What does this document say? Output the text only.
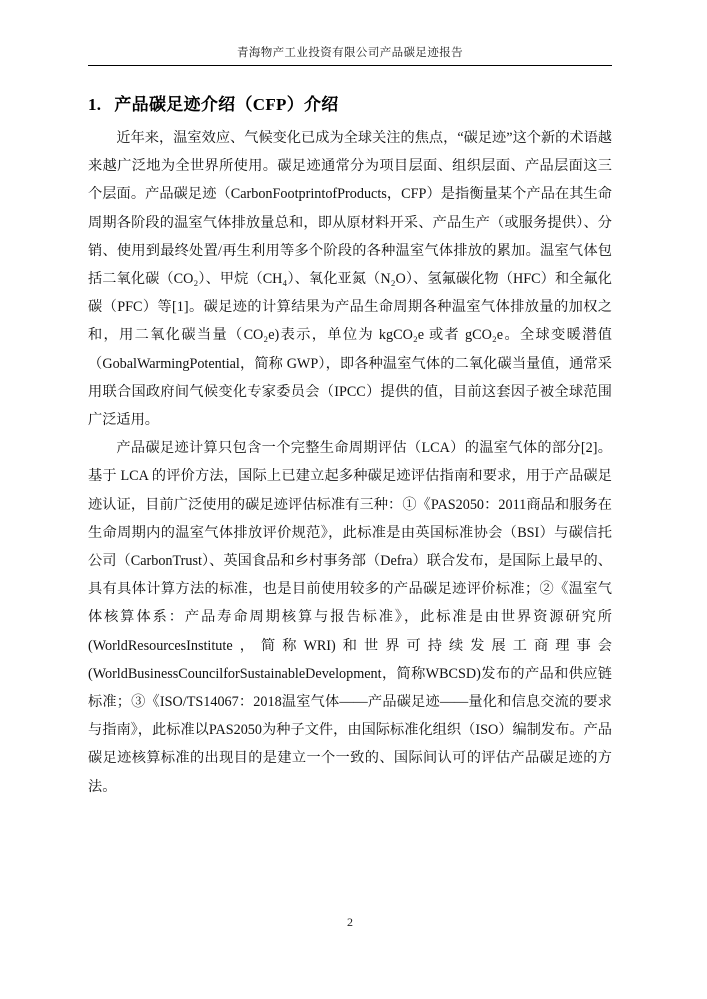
青海物产工业投资有限公司产品碳足迹报告
1. 产品碳足迹介绍（CFP）介绍

近年来，温室效应、气候变化已成为全球关注的焦点，“碳足迹”这个新的术语越来越广泛地为全世界所使用。碳足迹通常分为项目层面、组织层面、产品层面这三个层面。产品碳足迹（CarbonFootprintofProducts，CFP）是指衡量某个产品在其生命周期各阶段的温室气体排放量总和，即从原材料开采、产品生产（或服务提供）、分销、使用到最终处置/再生利用等多个阶段的各种温室气体排放的累加。温室气体包括二氧化碳（CO₂）、甲烷（CH₄）、氧化亚氮（N₂O）、氢氟碳化物（HFC）和全氟化碳（PFC）等[1]。碳足迹的计算结果为产品生命周期各种温室气体排放量的加权之和，用二氧化碳当量（CO₂e)表示，单位为 kgCO₂e 或者 gCO₂e。全球变暖潜值（GobalWarmingPotential，简称 GWP），即各种温室气体的二氧化碳当量值，通常采用联合国政府间气候变化专家委员会（IPCC）提供的值，目前这套因子被全球范围广泛适用。

产品碳足迹计算只包含一个完整生命周期评估（LCA）的温室气体的部分[2]。基于 LCA 的评价方法，国际上已建立起多种碳足迹评估指南和要求，用于产品碳足迹认证，目前广泛使用的碳足迹评估标准有三种：①《PAS2050：2011商品和服务在生命周期内的温室气体排放评价规范》，此标准是由英国标准协会（BSI）与碳信托公司（CarbonTrust）、英国食品和乡村事务部（Defra）联合发布，是国际上最早的、具有具体计算方法的标准，也是目前使用较多的产品碳足迹评价标准；②《温室气体核算体系：产品寿命周期核算与报告标准》，此标准是由世界资源研究所(WorldResourcesInstitute，简称WRI)和世界可持续发展工商理事会(WorldBusinessCouncilforSustainableDevelopment，简称WBCSD)发布的产品和供应链标准；③《ISO/TS14067：2018温室气体——产品碳足迹——量化和信息交流的要求与指南》，此标准以PAS2050为种子文件，由国际标准化组织（ISO）编制发布。产品碳足迹核算标准的出现目的是建立一个一致的、国际间认可的评估产品碳足迹的方法。

2
